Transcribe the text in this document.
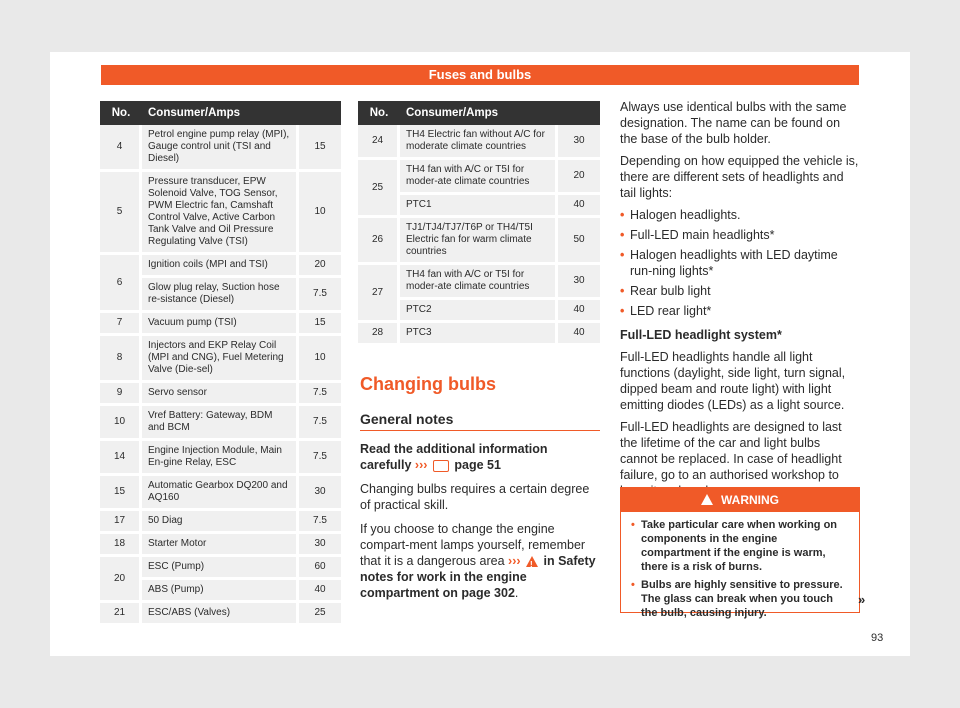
Fuses and bulbs
No.	Consumer/Amps	
4	Petrol engine pump relay (MPI), Gauge control unit (TSI and Diesel)	15
5	Pressure transducer, EPW Solenoid Valve, TOG Sensor, PWM Electric fan, Camshaft Control Valve, Active Carbon Tank Valve and Oil Pressure Regulating Valve (TSI)	10
6	Ignition coils (MPI and TSI)	20
	Glow plug relay, Suction hose re-sistance (Diesel)	7.5
7	Vacuum pump (TSI)	15
8	Injectors and EKP Relay Coil (MPI and CNG), Fuel Metering Valve (Die-sel)	10
9	Servo sensor	7.5
10	Vref Battery: Gateway, BDM and BCM	7.5
14	Engine Injection Module, Main En-gine Relay, ESC	7.5
15	Automatic Gearbox DQ200 and AQ160	30
17	50 Diag	7.5
18	Starter Motor	30
20	ESC (Pump)	60
	ABS (Pump)	40
21	ESC/ABS (Valves)	25
No.	Consumer/Amps	
24	TH4 Electric fan without A/C for moderate climate countries	30
25	TH4 fan with A/C or T5I for moder-ate climate countries	20
	PTC1	40
26	TJ1/TJ4/TJ7/T6P or TH4/T5I Electric fan for warm climate countries	50
27	TH4 fan with A/C or T5I for moder-ate climate countries	30
	PTC2	40
28	PTC3	40
Changing bulbs
General notes

Read the additional information carefully ››› page 51

Changing bulbs requires a certain degree of practical skill.

If you choose to change the engine compart-ment lamps yourself, remember that it is a dangerous area ››› ! in Safety notes for work in the engine compartment on page 302.

Always use identical bulbs with the same designation. The name can be found on the base of the bulb holder.

Depending on how equipped the vehicle is, there are different sets of headlights and tail lights:

• Halogen headlights.
• Full-LED main headlights*
• Halogen headlights with LED daytime run-ning lights*
• Rear bulb light
• LED rear light*

Full-LED headlight system*

Full-LED headlights handle all light functions (daylight, side light, turn signal, dipped beam and route light) with light emitting diodes (LEDs) as a light source.

Full-LED headlights are designed to last the lifetime of the car and light bulbs cannot be replaced. In case of headlight failure, go to an authorised workshop to

WARNING
• Take particular care when working on components in the engine compartment if the engine is warm, there is a risk of burns.
• Bulbs are highly sensitive to pressure. The glass can break when you touch the bulb, causing injury.
»
93
